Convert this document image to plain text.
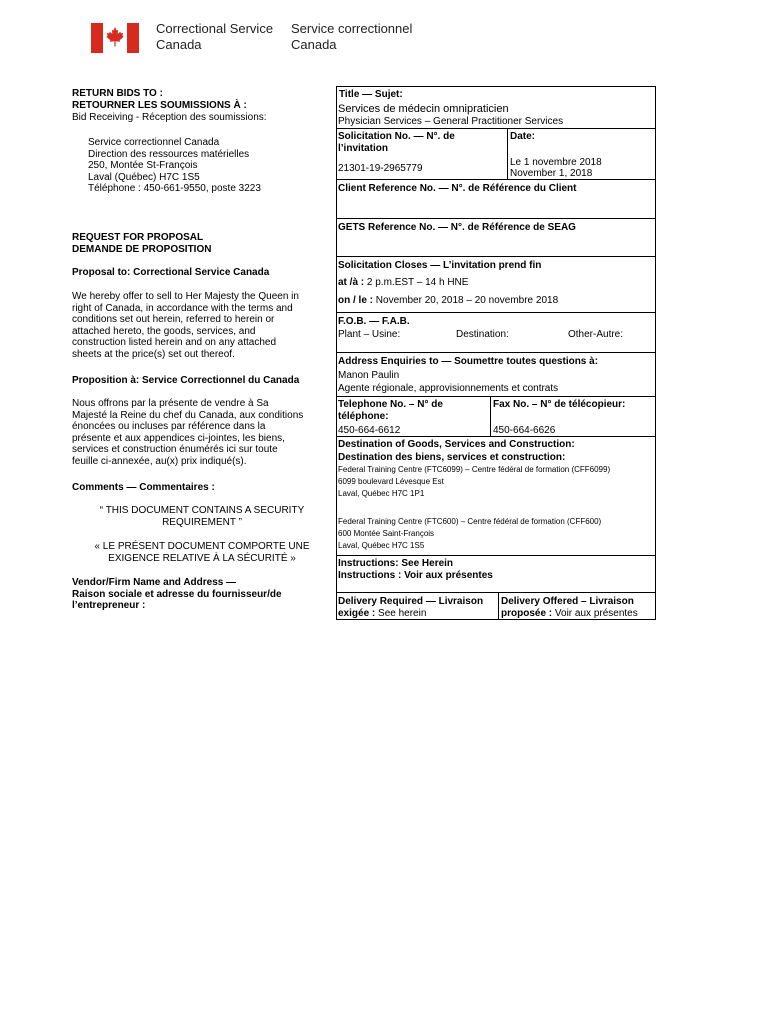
Correctional Service
Canada
Service correctionnel
Canada
RETURN BIDS TO :
RETOURNER LES SOUMISSIONS À :
Bid Receiving - Réception des soumissions:
Service correctionnel Canada
Direction des ressources matérielles
250, Montée St-François
Laval (Québec) H7C 1S5
Téléphone : 450-661-9550, poste 3223
REQUEST FOR PROPOSAL
DEMANDE DE PROPOSITION
Proposal to: Correctional Service Canada
We hereby offer to sell to Her Majesty the Queen in
right of Canada, in accordance with the terms and
conditions set out herein, referred to herein or
attached hereto, the goods, services, and
construction listed herein and on any attached
sheets at the price(s) set out thereof.
Proposition à: Service Correctionnel du Canada
Nous offrons par la présente de vendre à Sa
Majesté la Reine du chef du Canada, aux conditions
énoncées ou incluses par référence dans la
présente et aux appendices ci-jointes, les biens,
services et construction énumérés ici sur toute
feuille ci-annexée, au(x) prix indiqué(s).
Comments — Commentaires :
“ THIS DOCUMENT CONTAINS A SECURITY
REQUIREMENT ”
« LE PRÉSENT DOCUMENT COMPORTE UNE
EXIGENCE RELATIVE À LA SÉCURITÉ »
Vendor/Firm Name and Address —
Raison sociale et adresse du fournisseur/de
l’entrepreneur :
Title — Sujet:
Services de médecin omnipraticien
Physician Services – General Practitioner Services
Solicitation No. — N°. de
l’invitation
21301-19-2965779
Date:
Le 1 novembre 2018
November 1, 2018
Client Reference No. — N°. de Référence du Client
GETS Reference No. — N°. de Référence de SEAG
Solicitation Closes — L’invitation prend fin
at /à : 2 p.m.EST – 14 h HNE
on / le : November 20, 2018 – 20 novembre 2018
F.O.B. — F.A.B.
Plant – Usine:	Destination:	Other-Autre:
Address Enquiries to — Soumettre toutes questions à:
Manon Paulin
Agente régionale, approvisionnements et contrats
Telephone No. – N° de
téléphone:
450-664-6612
Fax No. – N° de télécopieur:
450-664-6626
Destination of Goods, Services and Construction:
Destination des biens, services et construction:
Federal Training Centre (FTC6099) – Centre fédéral de formation (CFF6099)
6099 boulevard Lévesque Est
Laval, Québec H7C 1P1
Federal Training Centre (FTC600) – Centre fédéral de formation (CFF600)
600 Montée Saint-François
Laval, Québec H7C 1S5
Instructions: See Herein
Instructions : Voir aux présentes
Delivery Required — Livraison
exigée : See herein
Delivery Offered – Livraison
proposée : Voir aux présentes
